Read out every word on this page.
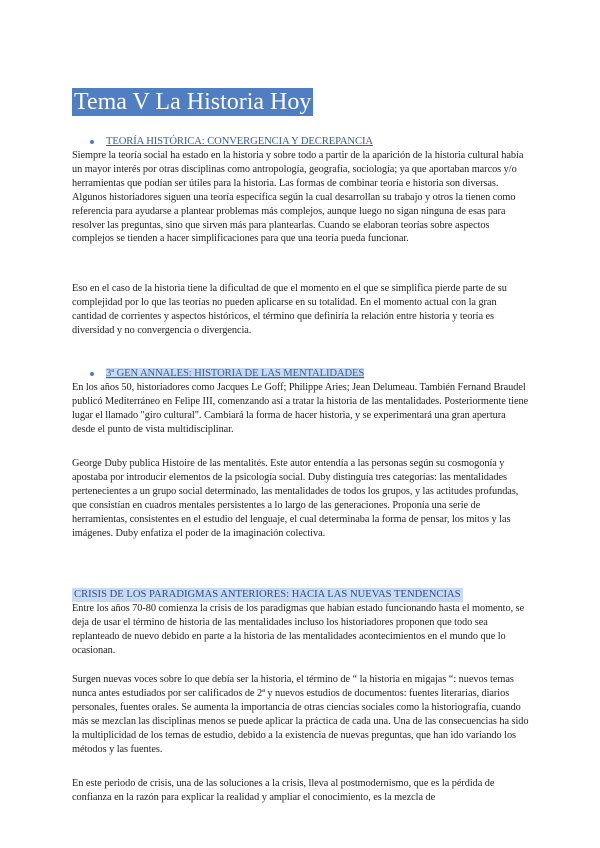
Tema V La Historia Hoy
TEORÍA HISTÓRICA: CONVERGENCIA Y DECREPANCIA

Siempre la teoría social ha estado en la historia y sobre todo a partir de la aparición de la historia cultural había un mayor interés por otras disciplinas como antropología, geografía, sociología; ya que aportaban marcos y/o herramientas que podían ser útiles para la historia. Las formas de combinar teoría e historia son diversas. Algunos historiadores siguen una teoría específica según la cual desarrollan su trabajo y otros la tienen como referencia para ayudarse a plantear problemas más complejos, aunque luego no sigan ninguna de esas para resolver las preguntas, sino que sirven más para plantearlas. Cuando se elaboran teorías sobre aspectos complejos se tienden a hacer simplificaciones para que una teoría pueda funcionar.

Eso en el caso de la historia tiene la dificultad de que el momento en el que se simplifica pierde parte de su complejidad por lo que las teorías no pueden aplicarse en su totalidad. En el momento actual con la gran cantidad de corrientes y aspectos históricos, el término que definiría la relación entre historia y teoría es diversidad y no convergencia o divergencia.

3ª GEN ANNALES: HISTORIA DE LAS MENTALIDADES

En los años 50, historiadores como Jacques Le Goff; Philippe Aries; Jean Delumeau. También Fernand Braudel publicó Mediterráneo en Felipe III, comenzando así a tratar la historia de las mentalidades. Posteriormente tiene lugar el llamado "giro cultural". Cambiará la forma de hacer historia, y se experimentará una gran apertura desde el punto de vista multidisciplinar.

George Duby publica Histoire de las mentalités. Este autor entendía a las personas según su cosmogonía y apostaba por introducir elementos de la psicología social. Duby distinguía tres categorías: las mentalidades pertenecientes a un grupo social determinado, las mentalidades de todos los grupos, y las actitudes profundas, que consistían en cuadros mentales persistentes a lo largo de las generaciones. Proponía una serie de herramientas, consistentes en el estudio del lenguaje, el cual determinaba la forma de pensar, los mitos y las imágenes. Duby enfatiza el poder de la imaginación colectiva.

CRISIS DE LOS PARADIGMAS ANTERIORES: HACIA LAS NUEVAS TENDENCIAS

Entre los años 70-80 comienza la crisis de los paradigmas que habían estado funcionando hasta el momento, se deja de usar el término de historia de las mentalidades incluso los historiadores proponen que todo sea replanteado de nuevo debido en parte a la historia de las mentalidades acontecimientos en el mundo que lo ocasionan.

Surgen nuevas voces sobre lo que debía ser la historia, el término de “ la historia en migajas “: nuevos temas nunca antes estudiados por ser calificados de 2ª y nuevos estudios de documentos: fuentes literarias, diarios personales, fuentes orales. Se aumenta la importancia de otras ciencias sociales como la historiografía, cuando más se mezclan las disciplinas menos se puede aplicar la práctica de cada una. Una de las consecuencias ha sido la multiplicidad de los temas de estudio, debido a la existencia de nuevas preguntas, que han ido variando los métodos y las fuentes.

En este periodo de crisis, una de las soluciones a la crisis, lleva al postmodernismo, que es la pérdida de confianza en la razón para explicar la realidad y ampliar el conocimiento, es la mezcla de
